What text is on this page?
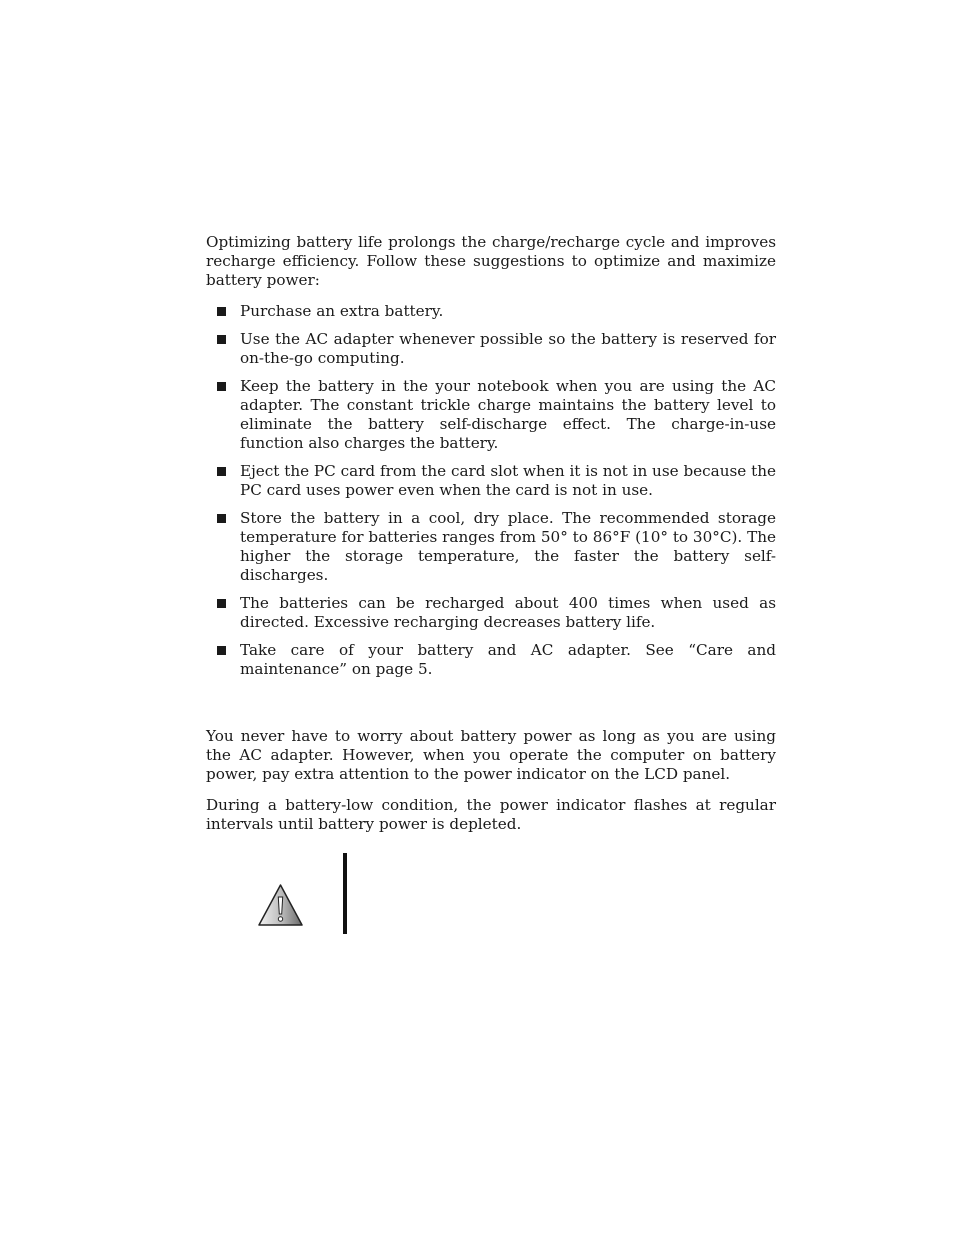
Optimizing battery life prolongs the charge/recharge cycle and improves recharge efficiency. Follow these suggestions to optimize and maximize battery power:

Purchase an extra battery.
Use the AC adapter whenever possible so the battery is reserved for on-the-go computing.
Keep the battery in the your notebook when you are using the AC adapter. The constant trickle charge maintains the battery level to eliminate the battery self-discharge effect. The charge-in-use function also charges the battery.
Eject the PC card from the card slot when it is not in use because the PC card uses power even when the card is not in use.
Store the battery in a cool, dry place. The recommended storage temperature for batteries ranges from 50° to 86°F (10° to 30°C). The higher the storage temperature, the faster the battery self-discharges.
The batteries can be recharged about 400 times when used as directed. Excessive recharging decreases battery life.
Take care of your battery and AC adapter. See “Care and maintenance” on page 5.

You never have to worry about battery power as long as you are using the AC adapter. However, when you operate the computer on battery power, pay extra attention to the power indicator on the LCD panel.

During a battery-low condition, the power indicator flashes at regular intervals until battery power is depleted.
